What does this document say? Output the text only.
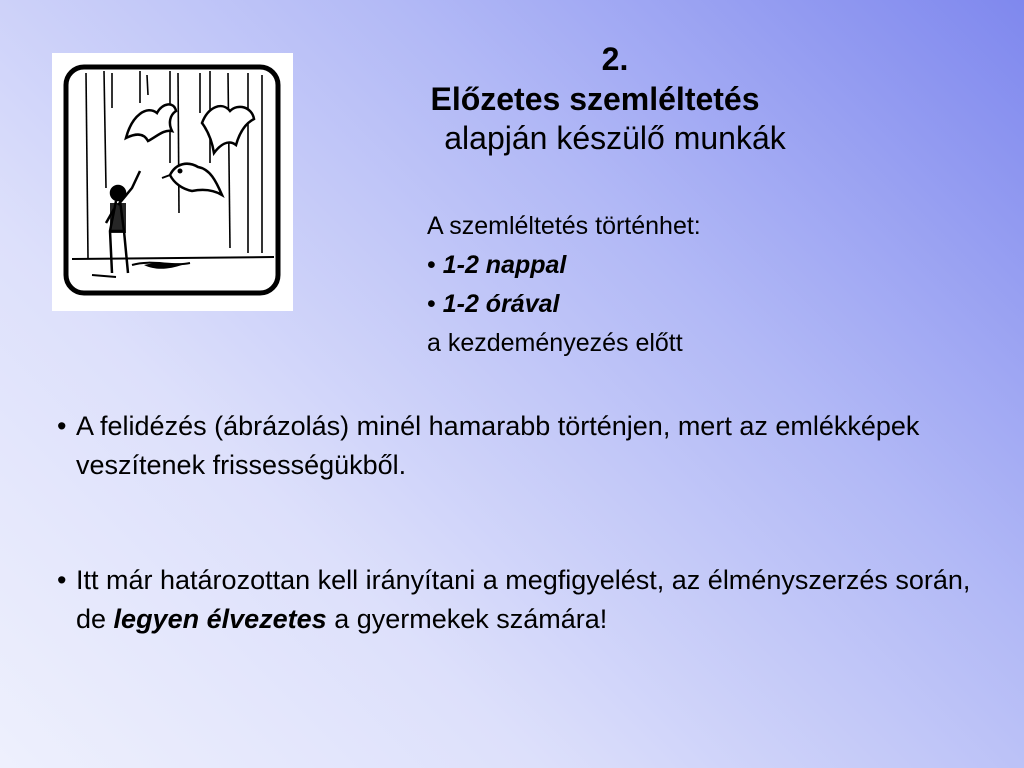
2.
Előzetes szemléltetés
alapján készülő munkák
A szemléltetés történhet:
• 1-2 nappal
• 1-2 órával
a kezdeményezés előtt
• A felidézés (ábrázolás) minél hamarabb történjen, mert az emlékképek veszítenek frissességükből.
• Itt már határozottan kell irányítani a megfigyelést, az élményszerzés során, de legyen élvezetes a gyermekek számára!
